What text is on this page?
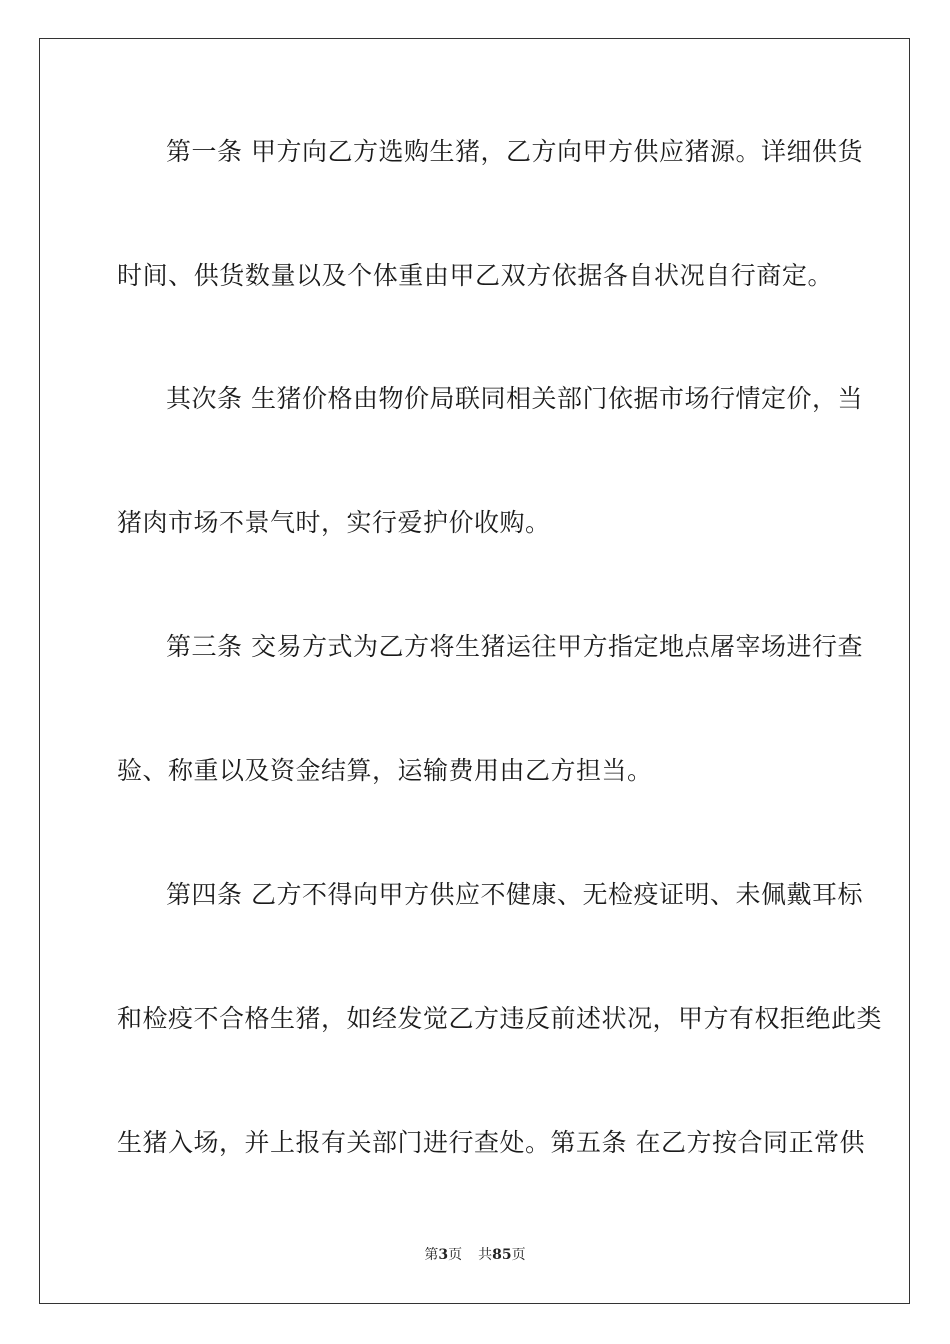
第一条 甲方向乙方选购生猪，乙方向甲方供应猪源。详细供货
时间、供货数量以及个体重由甲乙双方依据各自状况自行商定。
其次条 生猪价格由物价局联同相关部门依据市场行情定价，当
猪肉市场不景气时，实行爱护价收购。
第三条 交易方式为乙方将生猪运往甲方指定地点屠宰场进行查
验、称重以及资金结算，运输费用由乙方担当。
第四条 乙方不得向甲方供应不健康、无检疫证明、未佩戴耳标
和检疫不合格生猪，如经发觉乙方违反前述状况，甲方有权拒绝此类
生猪入场，并上报有关部门进行查处。第五条 在乙方按合同正常供
第3页 共85页
